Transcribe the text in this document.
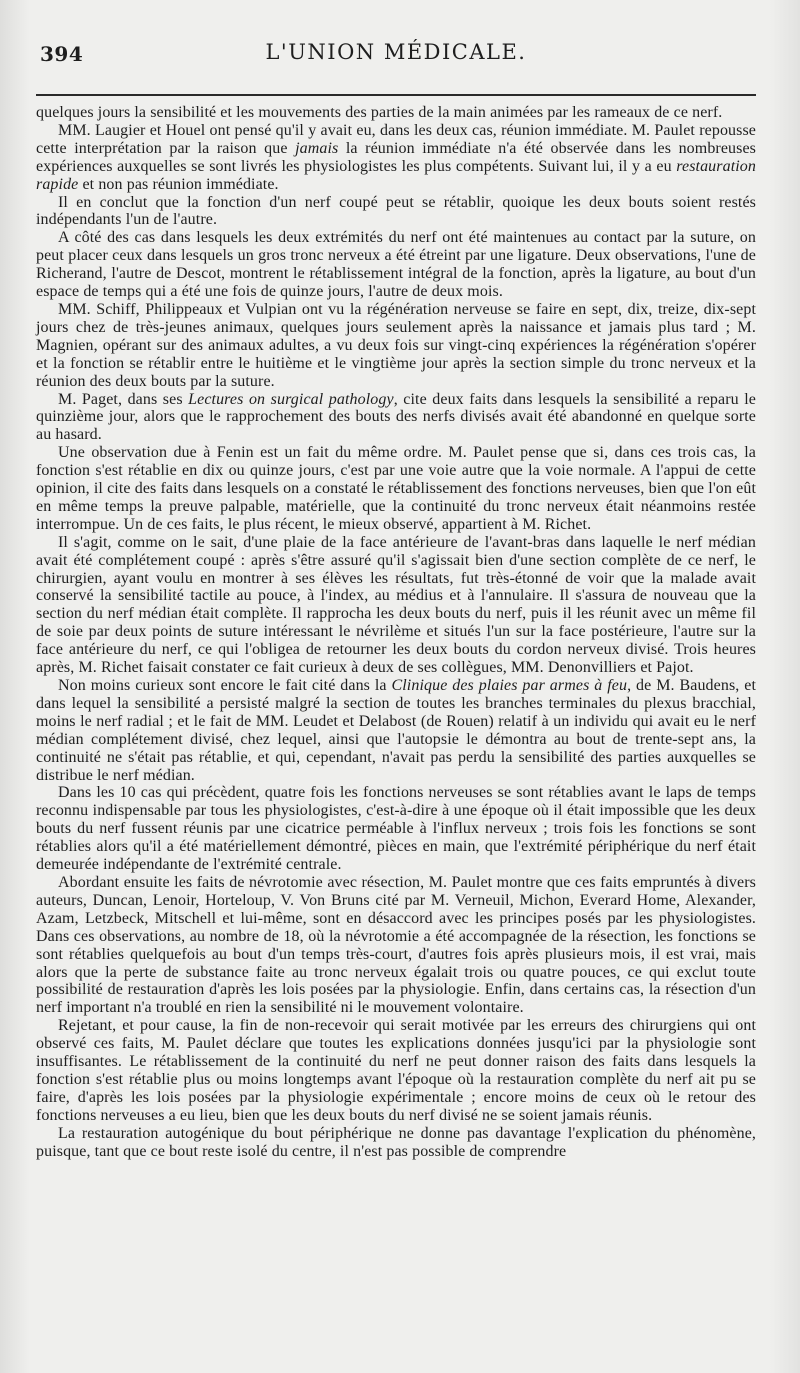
394	L'UNION MÉDICALE.

quelques jours la sensibilité et les mouvements des parties de la main animées par les rameaux de ce nerf.

MM. Laugier et Houel ont pensé qu'il y avait eu, dans les deux cas, réunion immédiate. M. Paulet repousse cette interprétation par la raison que jamais la réunion immédiate n'a été observée dans les nombreuses expériences auxquelles se sont livrés les physiologistes les plus compétents. Suivant lui, il y a eu restauration rapide et non pas réunion immédiate.

Il en conclut que la fonction d'un nerf coupé peut se rétablir, quoique les deux bouts soient restés indépendants l'un de l'autre.

A côté des cas dans lesquels les deux extrémités du nerf ont été maintenues au contact par la suture, on peut placer ceux dans lesquels un gros tronc nerveux a été étreint par une ligature. Deux observations, l'une de Richerand, l'autre de Descot, montrent le rétablissement intégral de la fonction, après la ligature, au bout d'un espace de temps qui a été une fois de quinze jours, l'autre de deux mois.

MM. Schiff, Philippeaux et Vulpian ont vu la régénération nerveuse se faire en sept, dix, treize, dix-sept jours chez de très-jeunes animaux, quelques jours seulement après la naissance et jamais plus tard ; M. Magnien, opérant sur des animaux adultes, a vu deux fois sur vingt-cinq expériences la régénération s'opérer et la fonction se rétablir entre le huitième et le vingtième jour après la section simple du tronc nerveux et la réunion des deux bouts par la suture.

M. Paget, dans ses Lectures on surgical pathology, cite deux faits dans lesquels la sensibilité a reparu le quinzième jour, alors que le rapprochement des bouts des nerfs divisés avait été abandonné en quelque sorte au hasard.

Une observation due à Fenin est un fait du même ordre. M. Paulet pense que si, dans ces trois cas, la fonction s'est rétablie en dix ou quinze jours, c'est par une voie autre que la voie normale. A l'appui de cette opinion, il cite des faits dans lesquels on a constaté le rétablissement des fonctions nerveuses, bien que l'on eût en même temps la preuve palpable, matérielle, que la continuité du tronc nerveux était néanmoins restée interrompue. Un de ces faits, le plus récent, le mieux observé, appartient à M. Richet.

Il s'agit, comme on le sait, d'une plaie de la face antérieure de l'avant-bras dans laquelle le nerf médian avait été complétement coupé : après s'être assuré qu'il s'agissait bien d'une section complète de ce nerf, le chirurgien, ayant voulu en montrer à ses élèves les résultats, fut très-étonné de voir que la malade avait conservé la sensibilité tactile au pouce, à l'index, au médius et à l'annulaire. Il s'assura de nouveau que la section du nerf médian était complète. Il rapprocha les deux bouts du nerf, puis il les réunit avec un même fil de soie par deux points de suture intéressant le névrilème et situés l'un sur la face postérieure, l'autre sur la face antérieure du nerf, ce qui l'obligea de retourner les deux bouts du cordon nerveux divisé. Trois heures après, M. Richet faisait constater ce fait curieux à deux de ses collègues, MM. Denonvilliers et Pajot.

Non moins curieux sont encore le fait cité dans la Clinique des plaies par armes à feu, de M. Baudens, et dans lequel la sensibilité a persisté malgré la section de toutes les branches terminales du plexus bracchial, moins le nerf radial ; et le fait de MM. Leudet et Delabost (de Rouen) relatif à un individu qui avait eu le nerf médian complétement divisé, chez lequel, ainsi que l'autopsie le démontra au bout de trente-sept ans, la continuité ne s'était pas rétablie, et qui, cependant, n'avait pas perdu la sensibilité des parties auxquelles se distribue le nerf médian.

Dans les 10 cas qui précèdent, quatre fois les fonctions nerveuses se sont rétablies avant le laps de temps reconnu indispensable par tous les physiologistes, c'est-à-dire à une époque où il était impossible que les deux bouts du nerf fussent réunis par une cicatrice perméable à l'influx nerveux ; trois fois les fonctions se sont rétablies alors qu'il a été matériellement démontré, pièces en main, que l'extrémité périphérique du nerf était demeurée indépendante de l'extrémité centrale.

Abordant ensuite les faits de névrotomie avec résection, M. Paulet montre que ces faits empruntés à divers auteurs, Duncan, Lenoir, Horteloup, V. Von Bruns cité par M. Verneuil, Michon, Everard Home, Alexander, Azam, Letzbeck, Mitschell et lui-même, sont en désaccord avec les principes posés par les physiologistes. Dans ces observations, au nombre de 18, où la névrotomie a été accompagnée de la résection, les fonctions se sont rétablies quelquefois au bout d'un temps très-court, d'autres fois après plusieurs mois, il est vrai, mais alors que la perte de substance faite au tronc nerveux égalait trois ou quatre pouces, ce qui exclut toute possibilité de restauration d'après les lois posées par la physiologie. Enfin, dans certains cas, la résection d'un nerf important n'a troublé en rien la sensibilité ni le mouvement volontaire.

Rejetant, et pour cause, la fin de non-recevoir qui serait motivée par les erreurs des chirurgiens qui ont observé ces faits, M. Paulet déclare que toutes les explications données jusqu'ici par la physiologie sont insuffisantes. Le rétablissement de la continuité du nerf ne peut donner raison des faits dans lesquels la fonction s'est rétablie plus ou moins longtemps avant l'époque où la restauration complète du nerf ait pu se faire, d'après les lois posées par la physiologie expérimentale ; encore moins de ceux où le retour des fonctions nerveuses a eu lieu, bien que les deux bouts du nerf divisé ne se soient jamais réunis.

La restauration autogénique du bout périphérique ne donne pas davantage l'explication du phénomène, puisque, tant que ce bout reste isolé du centre, il n'est pas possible de comprendre
